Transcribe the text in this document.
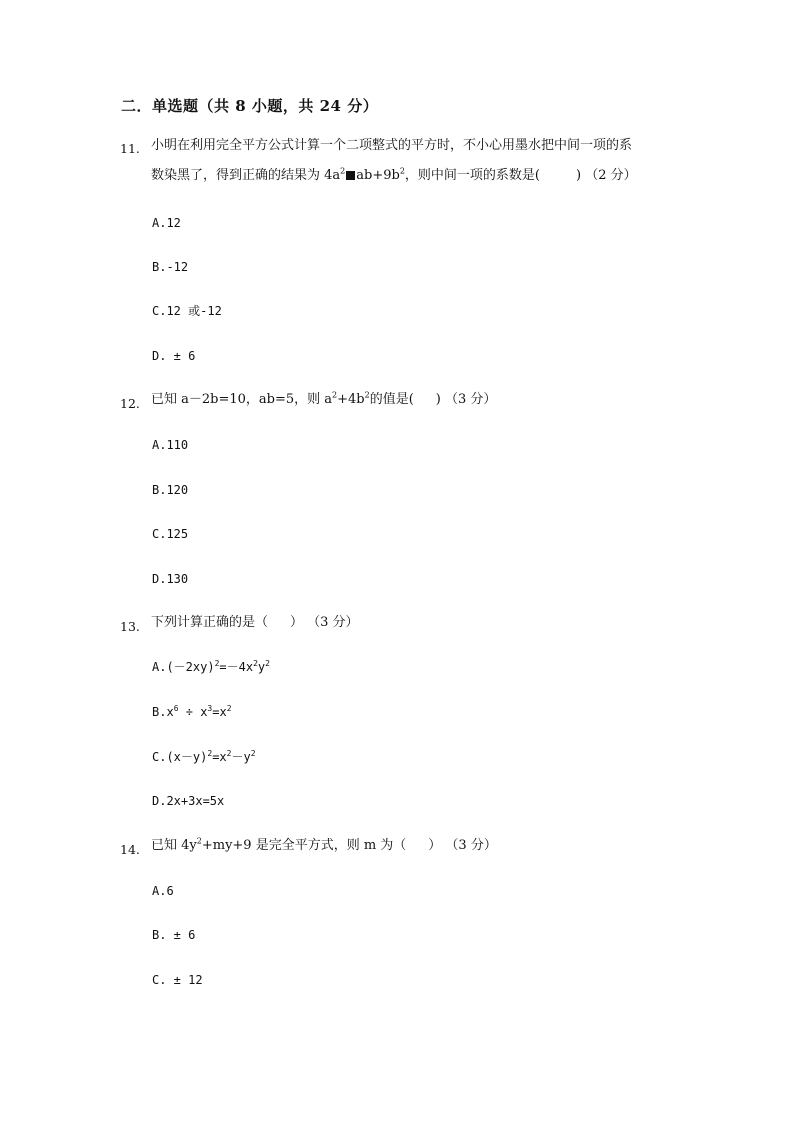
二．单选题（共 8 小题，共 24 分）
11. 小明在利用完全平方公式计算一个二项整式的平方时，不小心用墨水把中间一项的系
数染黑了，得到正确的结果为 $4a^2$ $ab+9b^2$，则中间一项的系数是(	) （2 分）
A.12
B.-12
C.12 或-12
D. ± 6
12. 已知 a－2b=10，ab=5，则 $a^2+4b^2$的值是( ) （3 分）
A.110
B.120
C.125
D.130
13. 下列计算正确的是（ ） （3 分）
$A.(-2xy)^2=-4x^2y^2$
$B.x^6 \div x^3=x^2$
$C.(x-y)^2=x^2-y^2$
D.2x+3x=5x
14. 已知 $4y^2+my+9$ 是完全平方式，则 m 为（ ） （3 分）
A.6
B. ± 6
C. ± 12
